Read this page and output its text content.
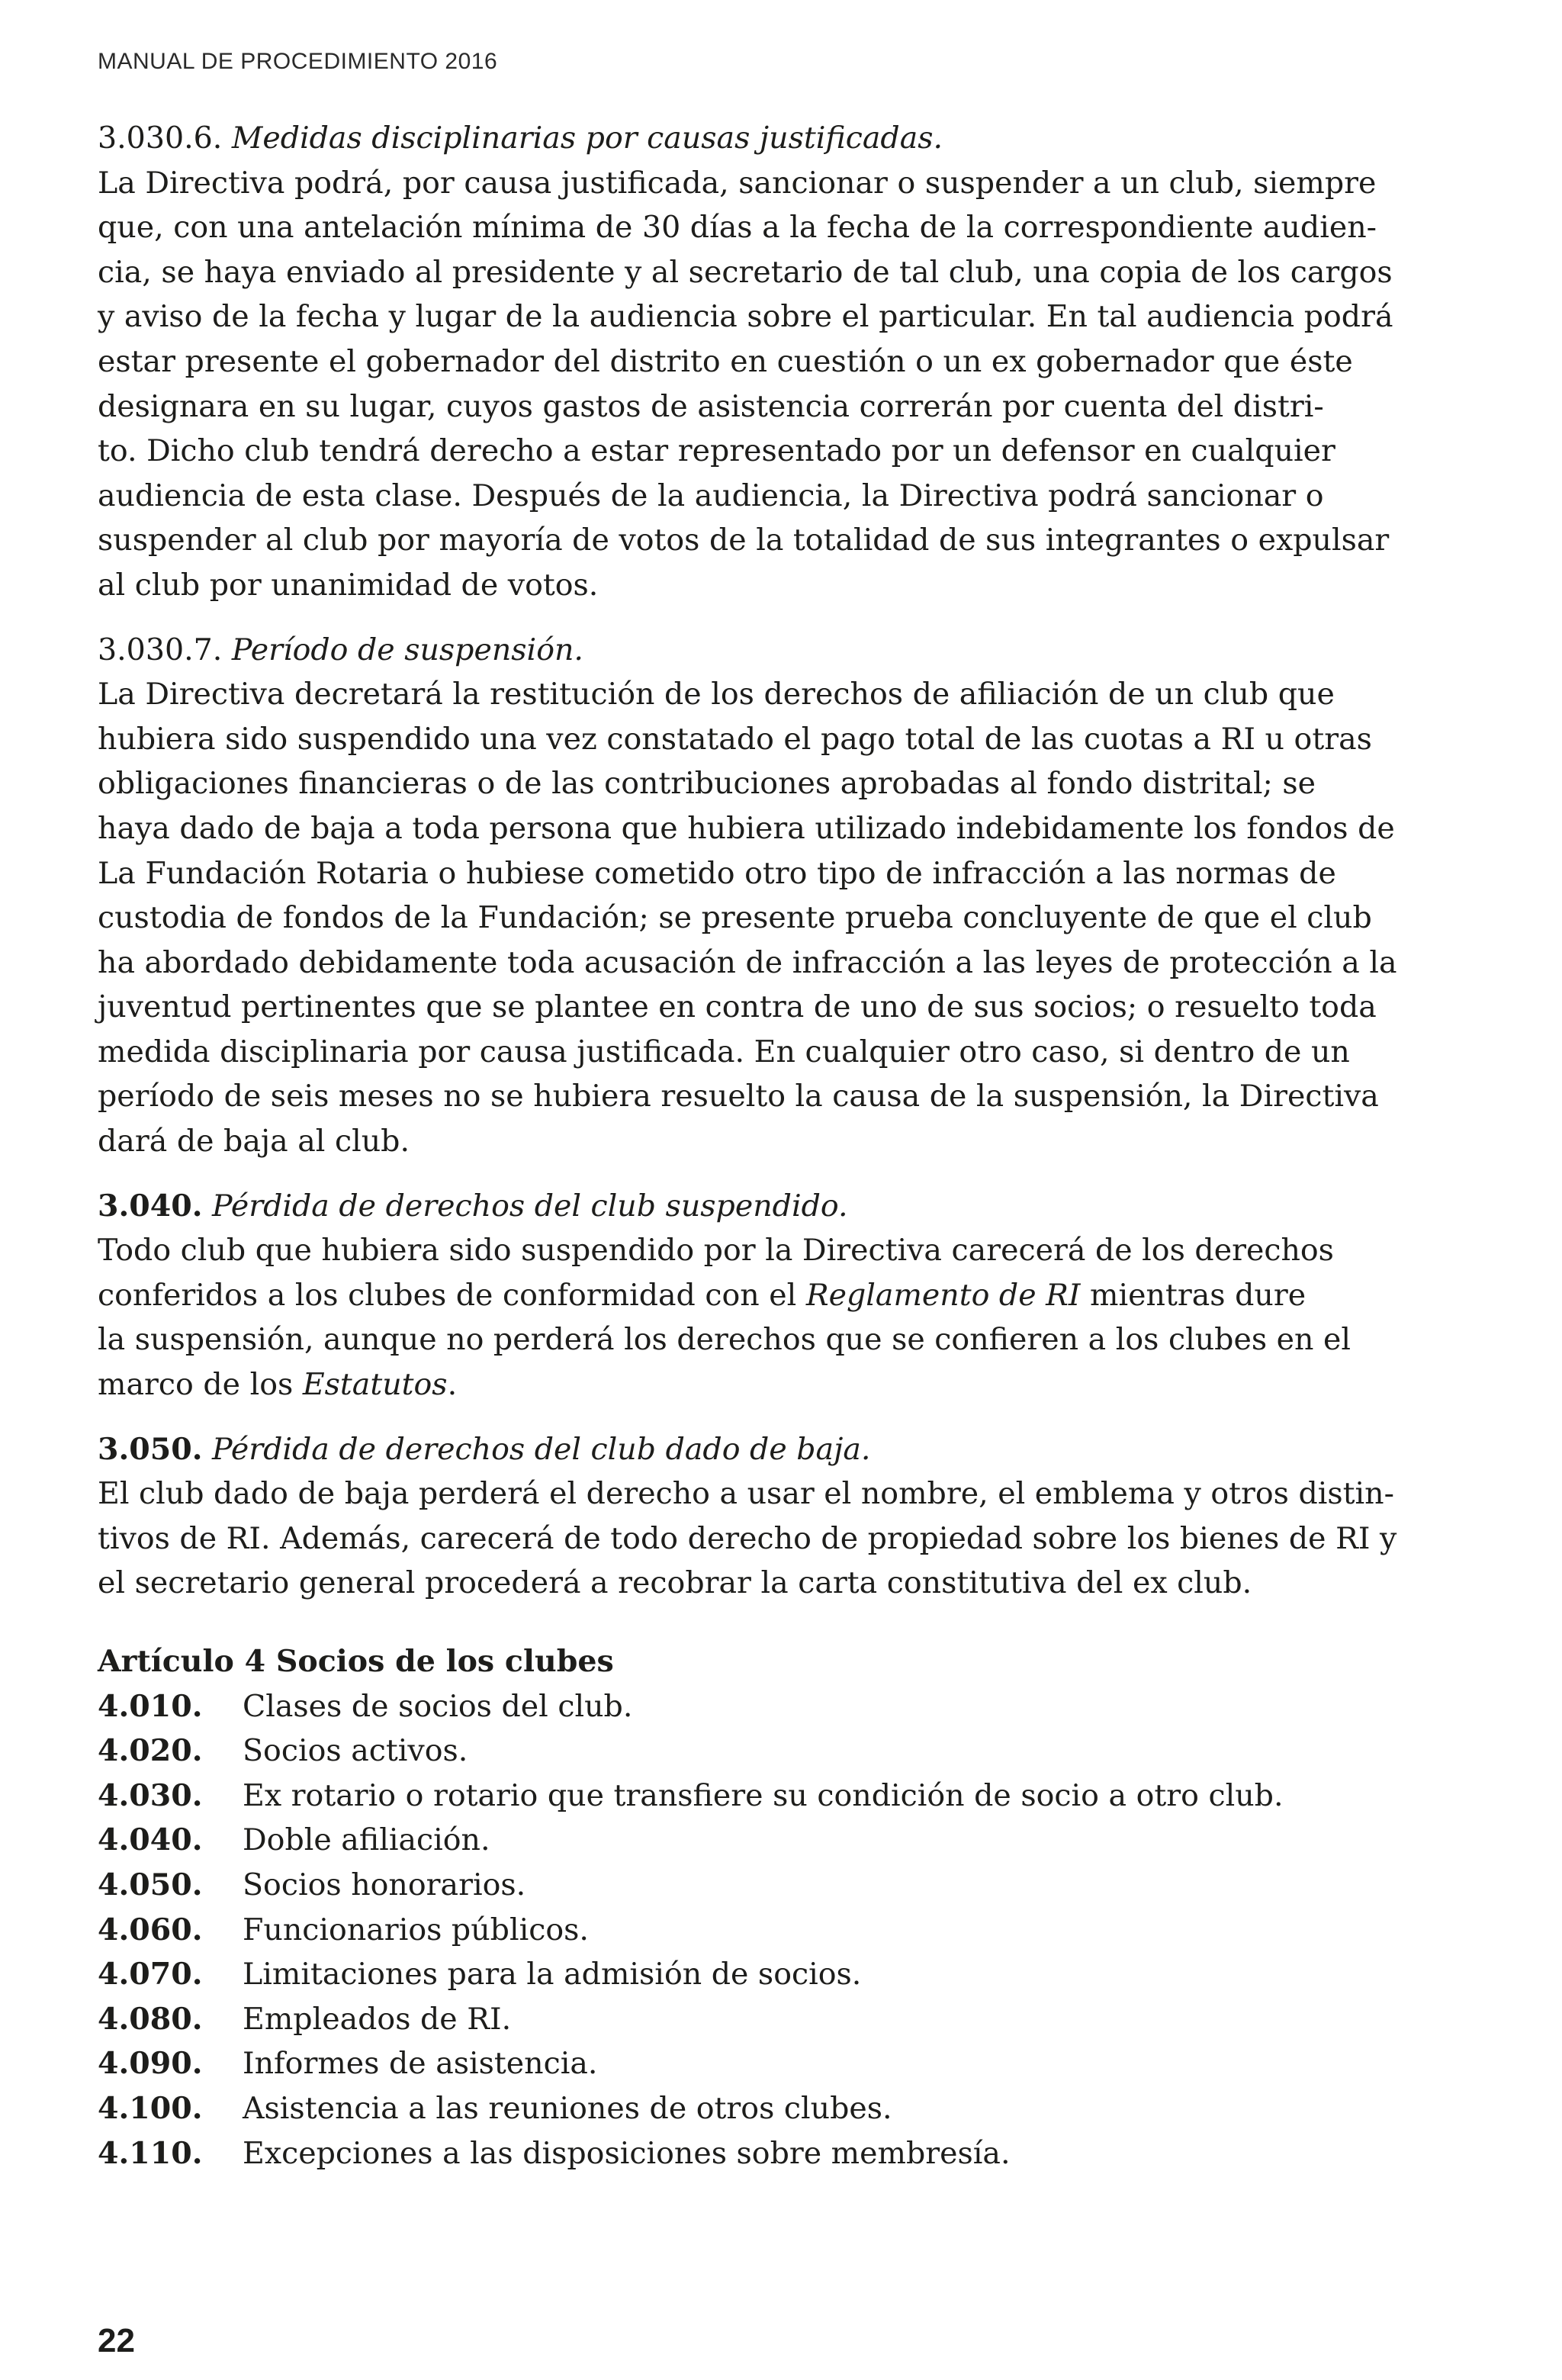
MANUAL DE PROCEDIMIENTO 2016
3.030.6. Medidas disciplinarias por causas justificadas.

La Directiva podrá, por causa justificada, sancionar o suspender a un club, siempre

que, con una antelación mínima de 30 días a la fecha de la correspondiente audien-

cia, se haya enviado al presidente y al secretario de tal club, una copia de los cargos

y aviso de la fecha y lugar de la audiencia sobre el particular. En tal audiencia podrá

estar presente el gobernador del distrito en cuestión o un ex gobernador que éste

designara en su lugar, cuyos gastos de asistencia correrán por cuenta del distri-

to. Dicho club tendrá derecho a estar representado por un defensor en cualquier

audiencia de esta clase. Después de la audiencia, la Directiva podrá sancionar o

suspender al club por mayoría de votos de la totalidad de sus integrantes o expulsar

al club por unanimidad de votos.

3.030.7. Período de suspensión.

La Directiva decretará la restitución de los derechos de afiliación de un club que

hubiera sido suspendido una vez constatado el pago total de las cuotas a RI u otras

obligaciones financieras o de las contribuciones aprobadas al fondo distrital; se

haya dado de baja a toda persona que hubiera utilizado indebidamente los fondos de

La Fundación Rotaria o hubiese cometido otro tipo de infracción a las normas de

custodia de fondos de la Fundación; se presente prueba concluyente de que el club

ha abordado debidamente toda acusación de infracción a las leyes de protección a la

juventud pertinentes que se plantee en contra de uno de sus socios; o resuelto toda

medida disciplinaria por causa justificada. En cualquier otro caso, si dentro de un

período de seis meses no se hubiera resuelto la causa de la suspensión, la Directiva

dará de baja al club.

3.040. Pérdida de derechos del club suspendido.

Todo club que hubiera sido suspendido por la Directiva carecerá de los derechos

conferidos a los clubes de conformidad con el Reglamento de RI mientras dure

la suspensión, aunque no perderá los derechos que se confieren a los clubes en el

marco de los Estatutos.

3.050. Pérdida de derechos del club dado de baja.

El club dado de baja perderá el derecho a usar el nombre, el emblema y otros distin-

tivos de RI. Además, carecerá de todo derecho de propiedad sobre los bienes de RI y

el secretario general procederá a recobrar la carta constitutiva del ex club.

Artículo 4 Socios de los clubes

4.010.	Clases de socios del club.
4.020.	Socios activos.
4.030.	Ex rotario o rotario que transfiere su condición de socio a otro club.
4.040.	Doble afiliación.
4.050.	Socios honorarios.
4.060.	Funcionarios públicos.
4.070.	Limitaciones para la admisión de socios.
4.080.	Empleados de RI.
4.090.	Informes de asistencia.
4.100.	Asistencia a las reuniones de otros clubes.
4.110.	Excepciones a las disposiciones sobre membresía.
22
